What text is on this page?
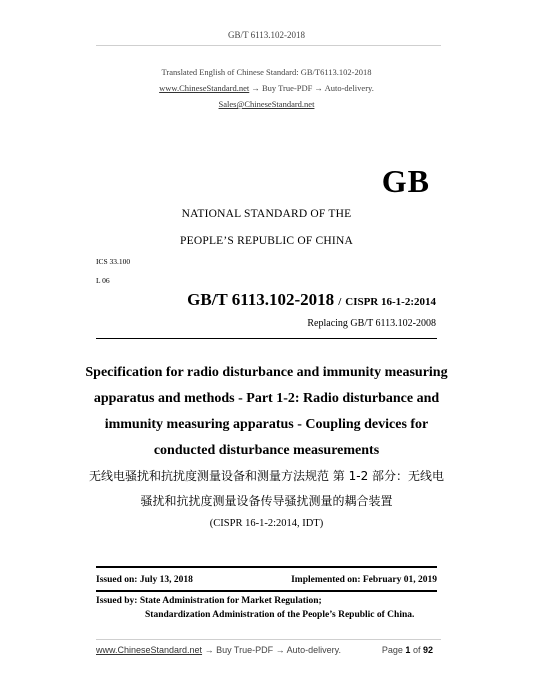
GB/T 6113.102-2018
Translated English of Chinese Standard: GB/T6113.102-2018
www.ChineseStandard.net → Buy True-PDF → Auto-delivery.
Sales@ChineseStandard.net
GB
NATIONAL STANDARD OF THE
PEOPLE’S REPUBLIC OF CHINA
ICS 33.100
L 06
GB/T 6113.102-2018 / CISPR 16-1-2:2014
Replacing GB/T 6113.102-2008
Specification for radio disturbance and immunity measuring
apparatus and methods - Part 1-2: Radio disturbance and
immunity measuring apparatus - Coupling devices for
conducted disturbance measurements
无线电骚扰和抗扰度测量设备和测量方法规范 第 1-2 部分：无线电
骚扰和抗扰度测量设备传导骚扰测量的耦合装置
(CISPR 16-1-2:2014, IDT)
Issued on: July 13, 2018	Implemented on: February 01, 2019
Issued by: State Administration for Market Regulation;
Standardization Administration of the People’s Republic of China.
www.ChineseStandard.net → Buy True-PDF → Auto-delivery.	Page 1 of 92
